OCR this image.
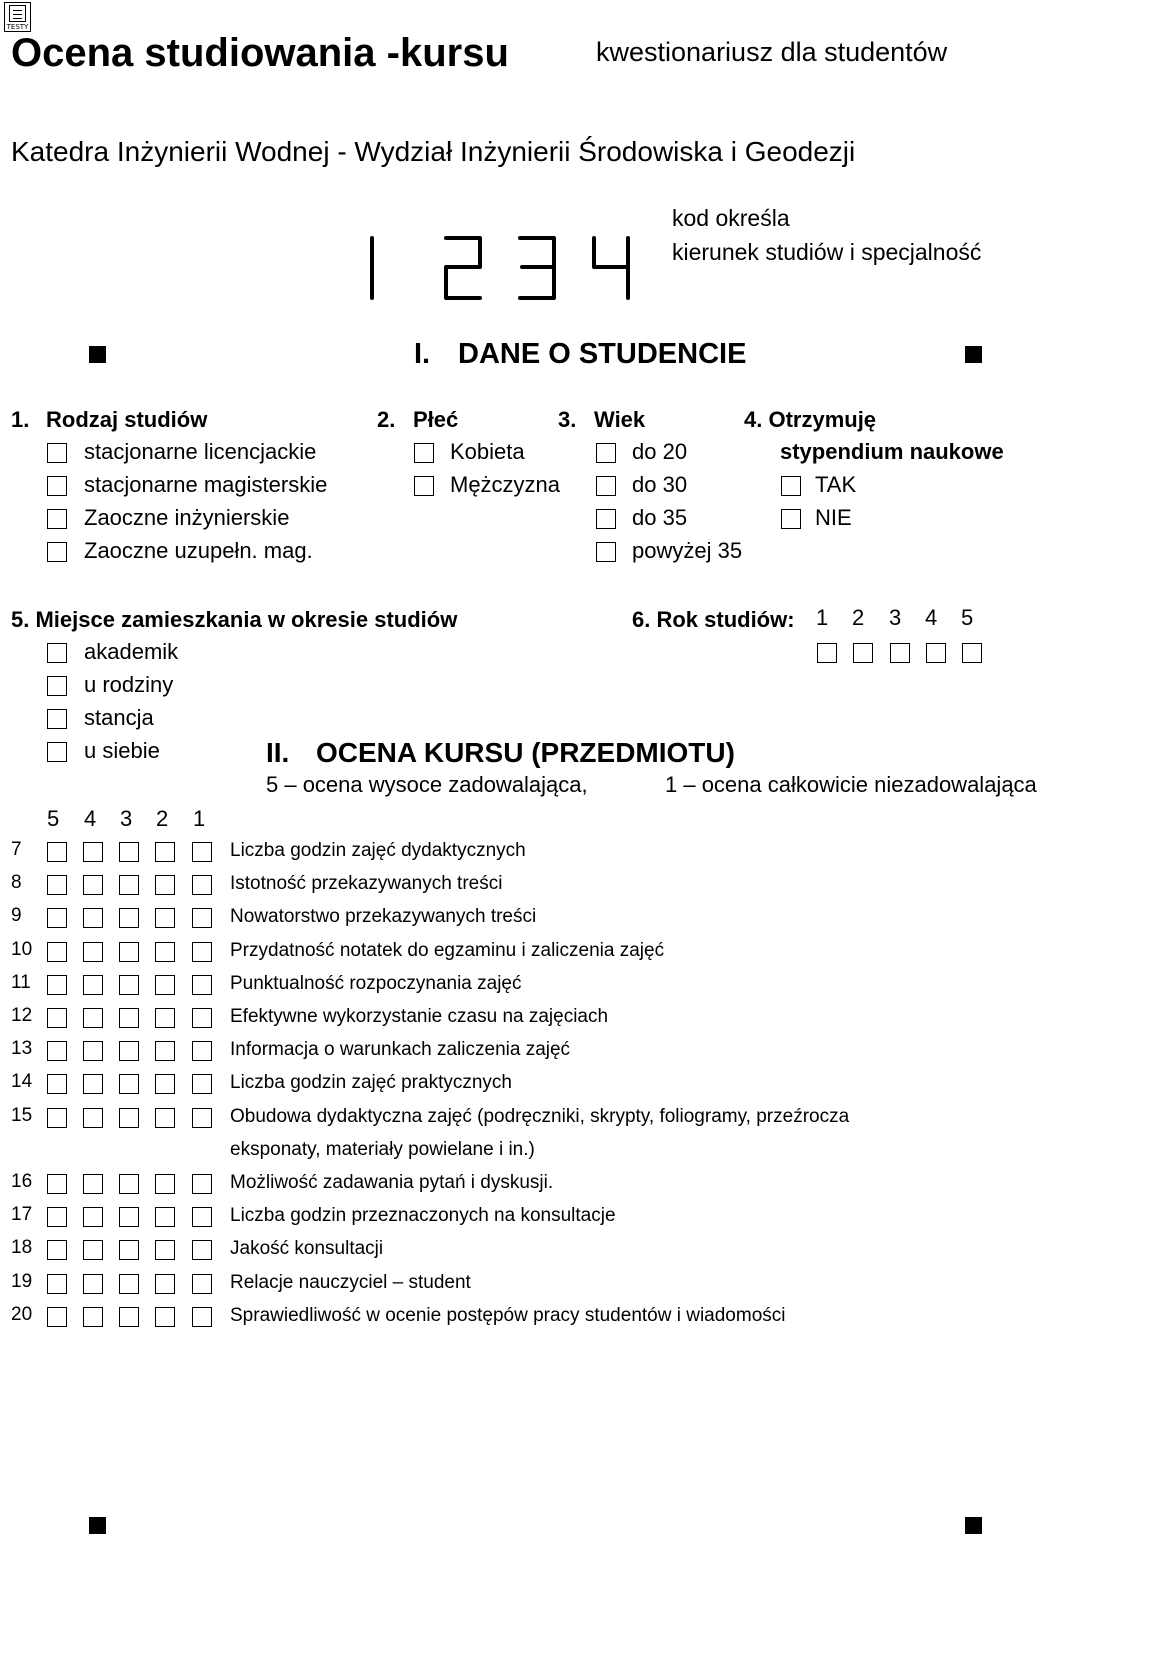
TESTY
Ocena studiowania -kursu	kwestionariusz dla studentów
Katedra Inżynierii Wodnej - Wydział Inżynierii Środowiska i Geodezji
kod określa
kierunek studiów i specjalność
I. DANE O STUDENCIE
1. Rodzaj studiów
stacjonarne licencjackie
stacjonarne magisterskie
Zaoczne inżynierskie
Zaoczne uzupełn. mag.
2. Płeć
Kobieta
Mężczyzna
3. Wiek
do 20
do 30
do 35
powyżej 35
4. Otrzymuję
stypendium naukowe
TAK
NIE
5. Miejsce zamieszkania w okresie studiów
akademik
u rodziny
stancja
u siebie
6. Rok studiów: 1 2 3 4 5
II. OCENA KURSU (PRZEDMIOTU)
5 – ocena wysoce zadowalająca,	1 – ocena całkowicie niezadowalająca
5 4 3 2 1
7	Liczba godzin zajęć dydaktycznych
8	Istotność przekazywanych treści
9	Nowatorstwo przekazywanych treści
10	Przydatność notatek do egzaminu i zaliczenia zajęć
11	Punktualność rozpoczynania zajęć
12	Efektywne wykorzystanie czasu na zajęciach
13	Informacja o warunkach zaliczenia zajęć
14	Liczba godzin zajęć praktycznych
15	Obudowa dydaktyczna zajęć (podręczniki, skrypty, foliogramy, przeźrocza
eksponaty, materiały powielane i in.)
16	Możliwość zadawania pytań i dyskusji.
17	Liczba godzin przeznaczonych na konsultacje
18	Jakość konsultacji
19	Relacje nauczyciel – student
20	Sprawiedliwość w ocenie postępów pracy studentów i wiadomości
